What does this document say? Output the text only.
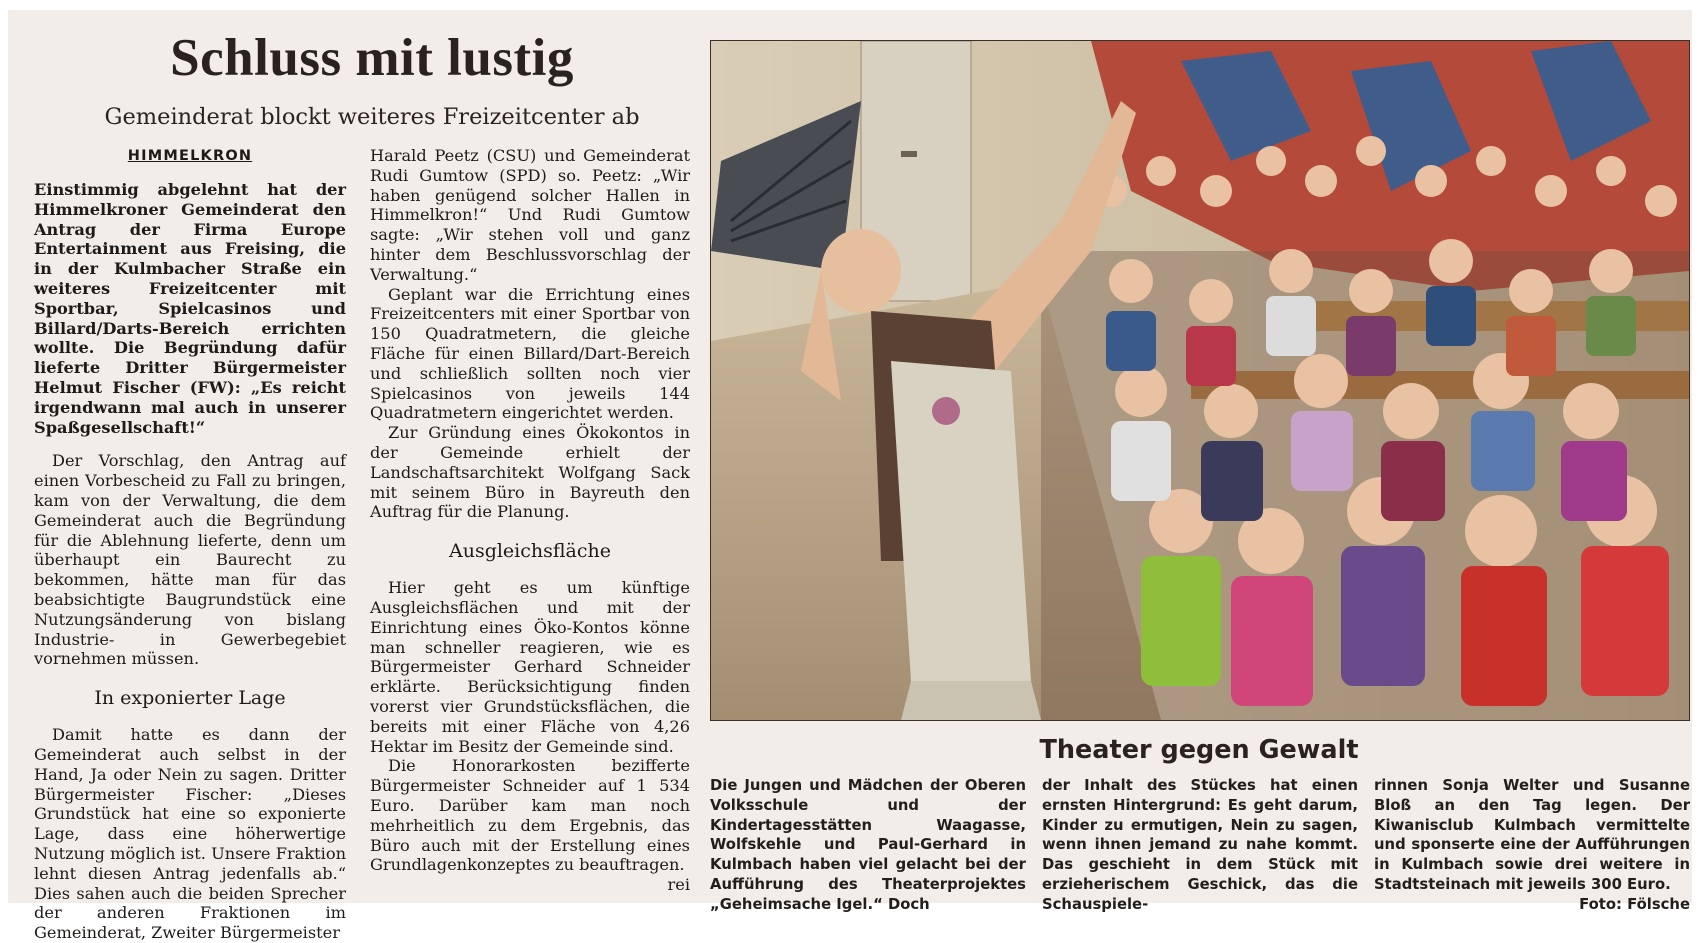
Schluss mit lustig
Gemeinderat blockt weiteres Freizeitcenter ab
HIMMELKRON

Einstimmig abgelehnt hat der Himmelkroner Gemeinderat den Antrag der Firma Europe Entertainment aus Freising, die in der Kulmbacher Straße ein weiteres Freizeitcenter mit Sportbar, Spielcasinos und Billard/Darts-Bereich errichten wollte. Die Begründung dafür lieferte Dritter Bürgermeister Helmut Fischer (FW): „Es reicht irgendwann mal auch in unserer Spaßgesellschaft!“

Der Vorschlag, den Antrag auf einen Vorbescheid zu Fall zu bringen, kam von der Verwaltung, die dem Gemeinderat auch die Begründung für die Ablehnung lieferte, denn um überhaupt ein Baurecht zu bekommen, hätte man für das beabsichtigte Baugrundstück eine Nutzungsänderung von bislang Industrie- in Gewerbegebiet vornehmen müssen.

In exponierter Lage

Damit hatte es dann der Gemeinderat auch selbst in der Hand, Ja oder Nein zu sagen. Dritter Bürgermeister Fischer: „Dieses Grundstück hat eine so exponierte Lage, dass eine höherwertige Nutzung möglich ist. Unsere Fraktion lehnt diesen Antrag jedenfalls ab.“ Dies sahen auch die beiden Sprecher der anderen Fraktionen im Gemeinderat, Zweiter Bürgermeister

Harald Peetz (CSU) und Gemeinderat Rudi Gumtow (SPD) so. Peetz: „Wir haben genügend solcher Hallen in Himmelkron!“ Und Rudi Gumtow sagte: „Wir stehen voll und ganz hinter dem Beschlussvorschlag der Verwaltung.“

Geplant war die Errichtung eines Freizeitcenters mit einer Sportbar von 150 Quadratmetern, die gleiche Fläche für einen Billard/Dart-Bereich und schließlich sollten noch vier Spielcasinos von jeweils 144 Quadratmetern eingerichtet werden.

Zur Gründung eines Ökokontos in der Gemeinde erhielt der Landschaftsarchitekt Wolfgang Sack mit seinem Büro in Bayreuth den Auftrag für die Planung.

Ausgleichsfläche

Hier geht es um künftige Ausgleichsflächen und mit der Einrichtung eines Öko-Kontos könne man schneller reagieren, wie es Bürgermeister Gerhard Schneider erklärte. Berücksichtigung finden vorerst vier Grundstücksflächen, die bereits mit einer Fläche von 4,26 Hektar im Besitz der Gemeinde sind.

Die Honorarkosten bezifferte Bürgermeister Schneider auf 1 534 Euro. Darüber kam man noch mehrheitlich zu dem Ergebnis, das Büro auch mit der Erstellung eines Grundlagenkonzeptes zu beauftragen.
rei

Theater gegen Gewalt

Die Jungen und Mädchen der Oberen Volksschule und der Kindertagesstätten Waagasse, Wolfskehle und Paul-Gerhard in Kulmbach haben viel gelacht bei der Aufführung des Theaterprojektes „Geheimsache Igel.“ Doch

der Inhalt des Stückes hat einen ernsten Hintergrund: Es geht darum, Kinder zu ermutigen, Nein zu sagen, wenn ihnen jemand zu nahe kommt. Das geschieht in dem Stück mit erzieherischem Geschick, das die Schauspiele-

rinnen Sonja Welter und Susanne Bloß an den Tag legen. Der Kiwanisclub Kulmbach vermittelte und sponserte eine der Aufführungen in Kulmbach sowie drei weitere in Stadtsteinach mit jeweils 300 Euro.

Foto: Fölsche
